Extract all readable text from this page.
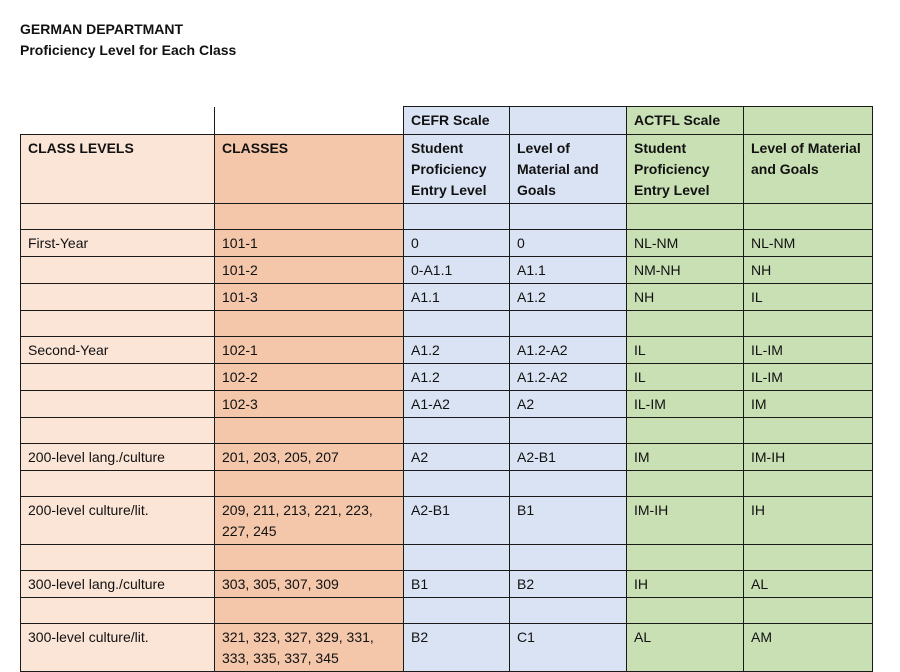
GERMAN DEPARTMANT

Proficiency Level for Each Class

		CEFR Scale		ACTFL Scale	
CLASS LEVELS	CLASSES	Student Proficiency Entry Level	Level of Material and Goals	Student Proficiency Entry Level	Level of Material and Goals

First-Year	101-1	0	0	NL-NM	NL-NM
	101-2	0-A1.1	A1.1	NM-NH	NH
	101-3	A1.1	A1.2	NH	IL

Second-Year	102-1	A1.2	A1.2-A2	IL	IL-IM
	102-2	A1.2	A1.2-A2	IL	IL-IM
	102-3	A1-A2	A2	IL-IM	IM

200-level lang./culture	201, 203, 205, 207	A2	A2-B1	IM	IM-IH

200-level culture/lit.	209, 211, 213, 221, 223, 227, 245	A2-B1	B1	IM-IH	IH

300-level lang./culture	303, 305, 307, 309	B1	B2	IH	AL

300-level culture/lit.	321, 323, 327, 329, 331, 333, 335, 337, 345	B2	C1	AL	AM
